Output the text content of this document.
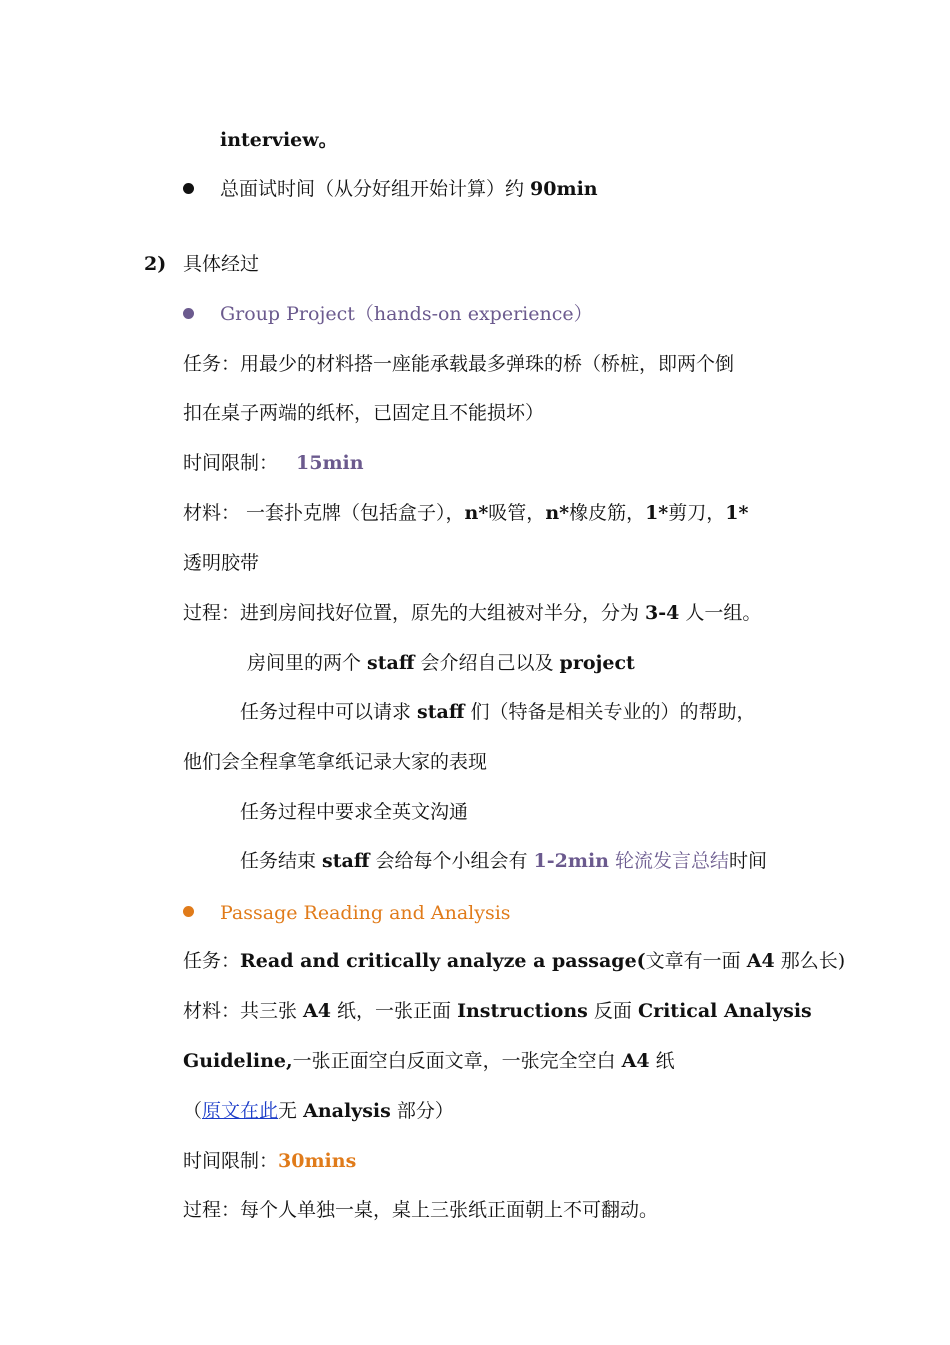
interview。
总面试时间（从分好组开始计算）约 90min
2) 具体经过
Group Project（hands-on experience）
任务：用最少的材料搭一座能承载最多弹珠的桥（桥桩，即两个倒
扣在桌子两端的纸杯，已固定且不能损坏）
时间限制： 15min
材料： 一套扑克牌（包括盒子），n*吸管，n*橡皮筋，1*剪刀，1*
透明胶带
过程：进到房间找好位置，原先的大组被对半分，分为 3-4 人一组。
房间里的两个 staff 会介绍自己以及 project
任务过程中可以请求 staff 们（特备是相关专业的）的帮助，
他们会全程拿笔拿纸记录大家的表现
任务过程中要求全英文沟通
任务结束 staff 会给每个小组会有 1-2min 轮流发言总结时间
Passage Reading and Analysis
任务：Read and critically analyze a passage(文章有一面 A4 那么长)
材料：共三张 A4 纸，一张正面 Instructions 反面 Critical Analysis
Guideline,一张正面空白反面文章，一张完全空白 A4 纸
（原文在此无 Analysis 部分）
时间限制：30mins
过程：每个人单独一桌，桌上三张纸正面朝上不可翻动。
